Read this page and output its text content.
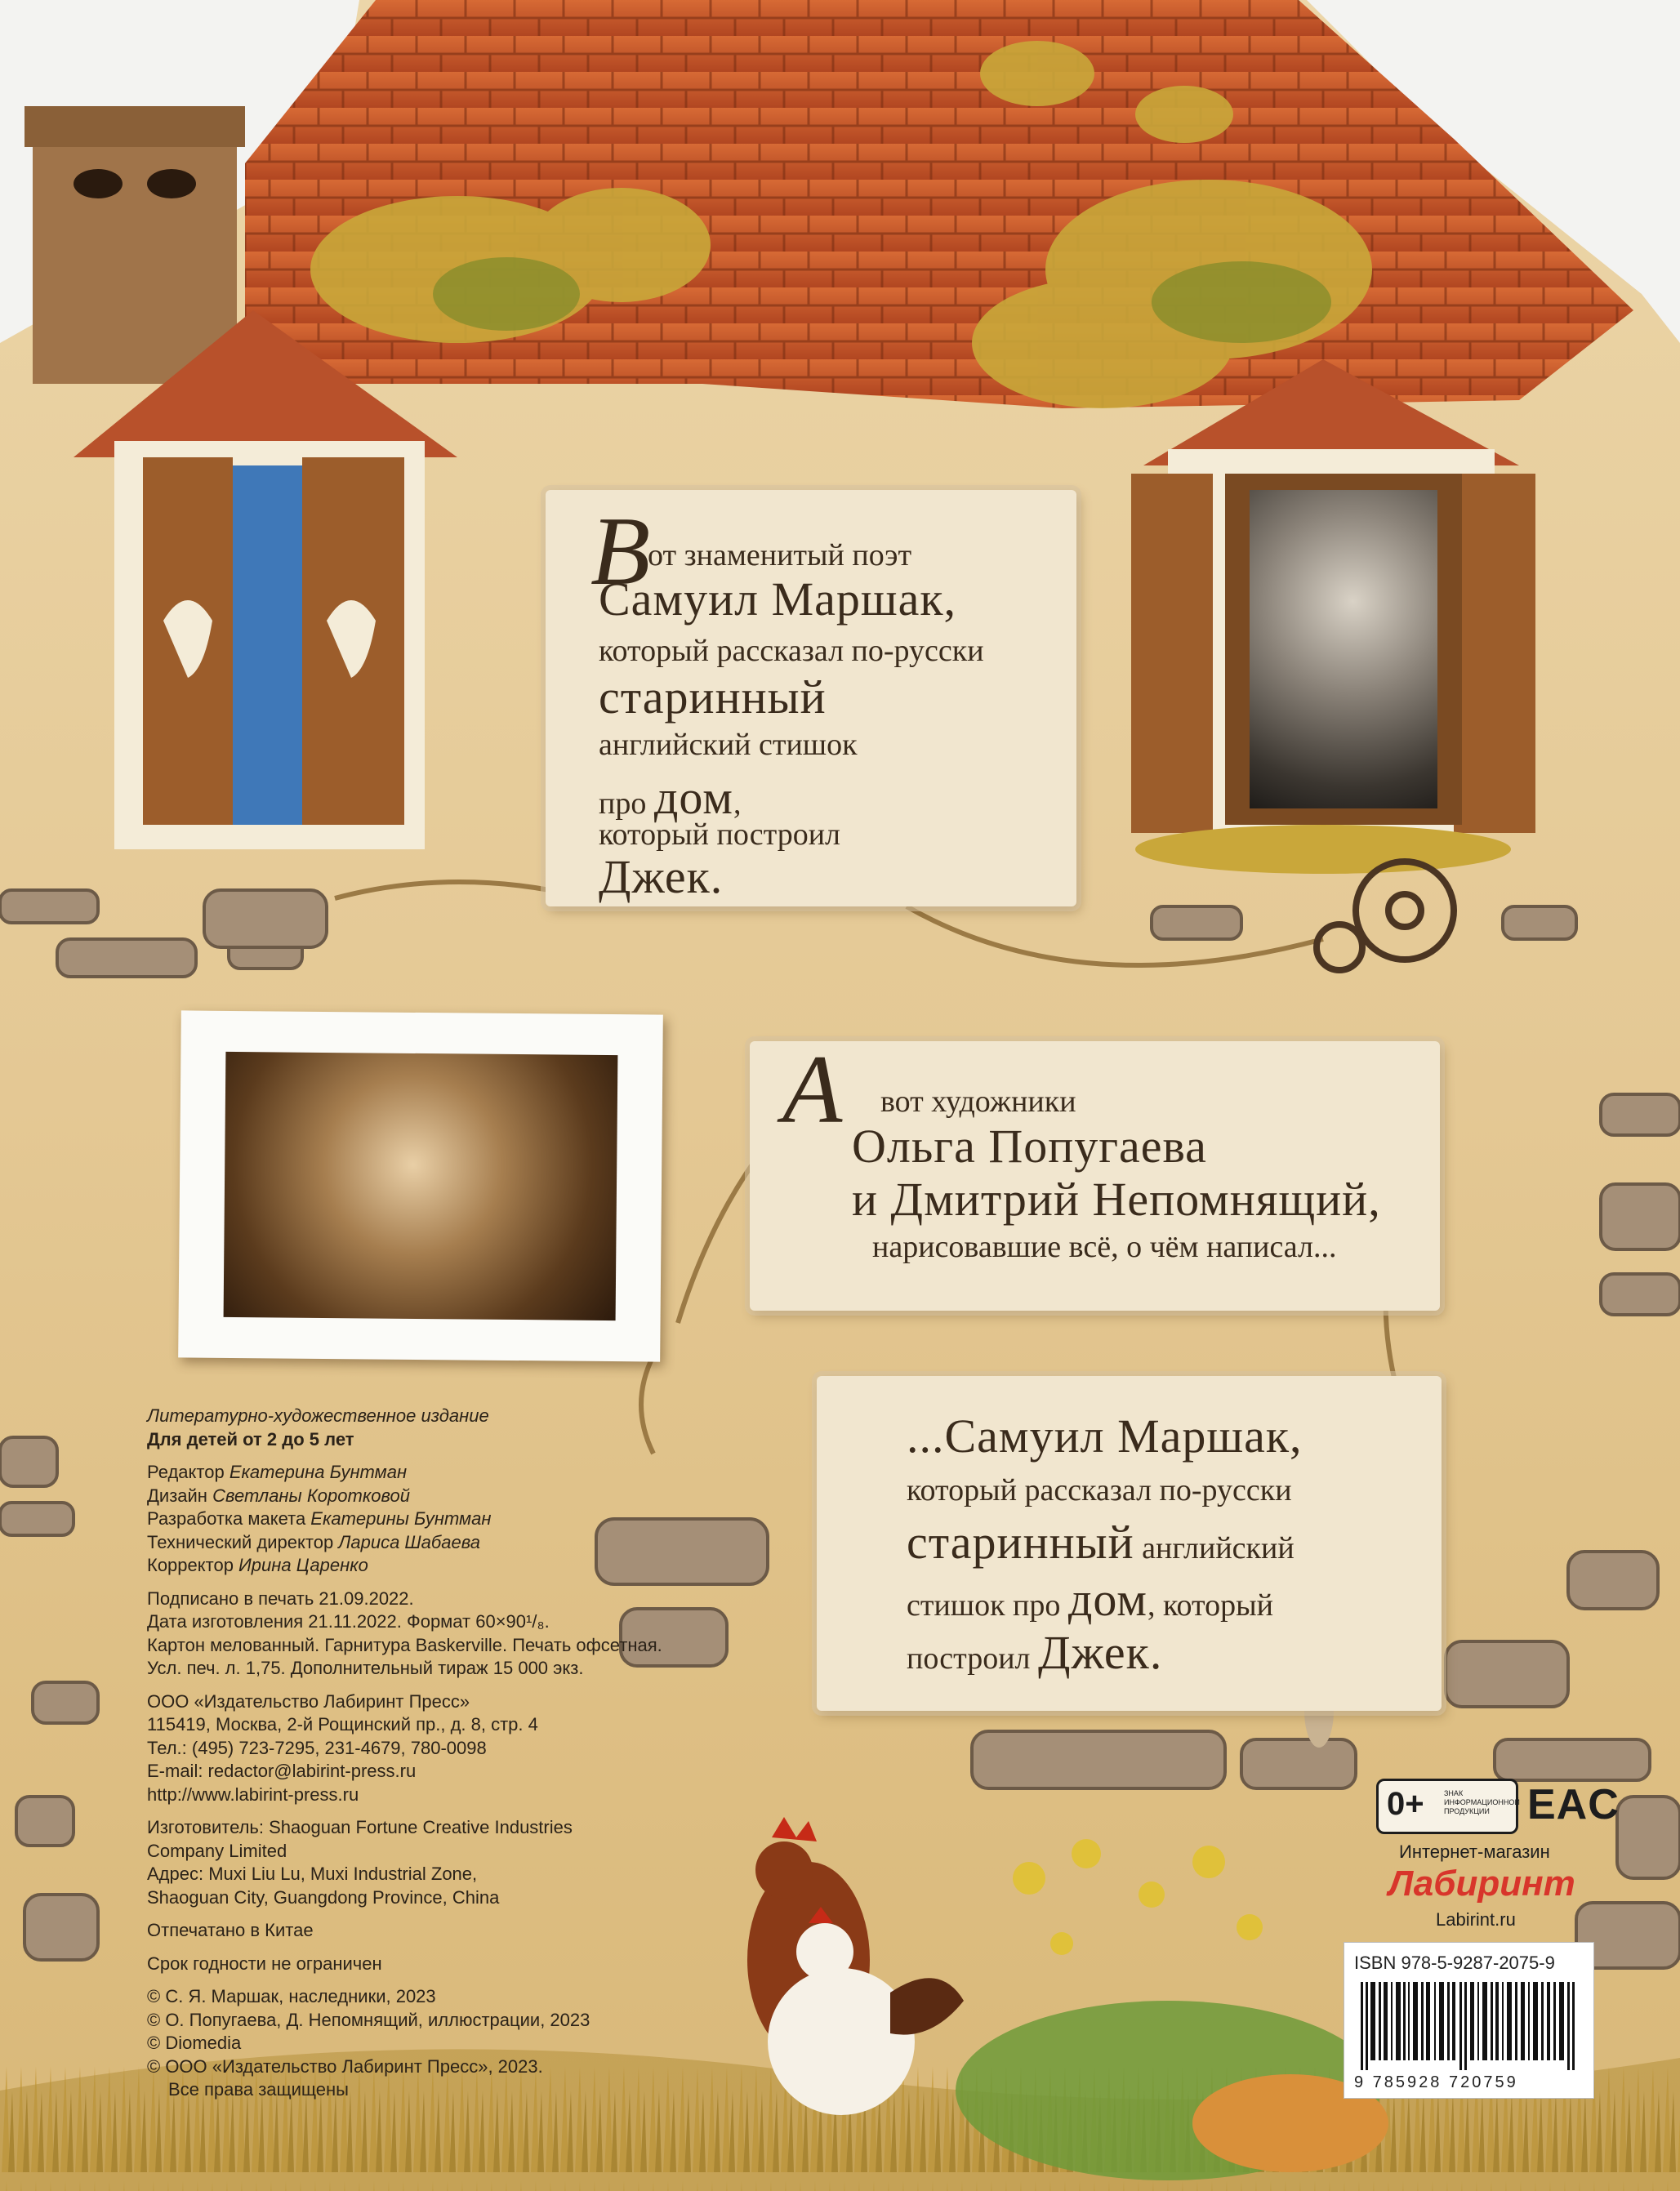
В
от знаменитый поэт
Самуил Маршак,
который рассказал по-русски
старинный
английский стишок
про дом,
который построил
Джек.
А вот художники
Ольга Попугаева
и Дмитрий Непомнящий,
нарисовавшие всё, о чём написал...
...Самуил Маршак,
который рассказал по-русски
старинный английский
стишок про дом, который
построил Джек.
Литературно-художественное издание
Для детей от 2 до 5 лет
Редактор Екатерина Бунтман
Дизайн Светланы Коротковой
Разработка макета Екатерины Бунтман
Технический директор Лариса Шабаева
Корректор Ирина Царенко
Подписано в печать 21.09.2022.
Дата изготовления 21.11.2022. Формат 60×90¹/₈.
Картон мелованный. Гарнитура Baskerville. Печать офсетная.
Усл. печ. л. 1,75. Дополнительный тираж 15 000 экз.
ООО «Издательство Лабиринт Пресс»
115419, Москва, 2-й Рощинский пр., д. 8, стр. 4
Тел.: (495) 723-7295, 231-4679, 780-0098
E-mail: redactor@labirint-press.ru
http://www.labirint-press.ru
Изготовитель: Shaoguan Fortune Creative Industries
Company Limited
Адрес: Muxi Liu Lu, Muxi Industrial Zone,
Shaoguan City, Guangdong Province, China
Отпечатано в Китае
Срок годности не ограничен
© С. Я. Маршак, наследники, 2023
© О. Попугаева, Д. Непомнящий, иллюстрации, 2023
© Diomedia
© ООО «Издательство Лабиринт Пресс», 2023.
Все права защищены
0+	ЗНАК ИНФОРМАЦИОННОЙ ПРОДУКЦИИ EAC
Интернет-магазин
Лабиринт
Labirint.ru
ISBN 978-5-9287-2075-9
9 785928 720759
